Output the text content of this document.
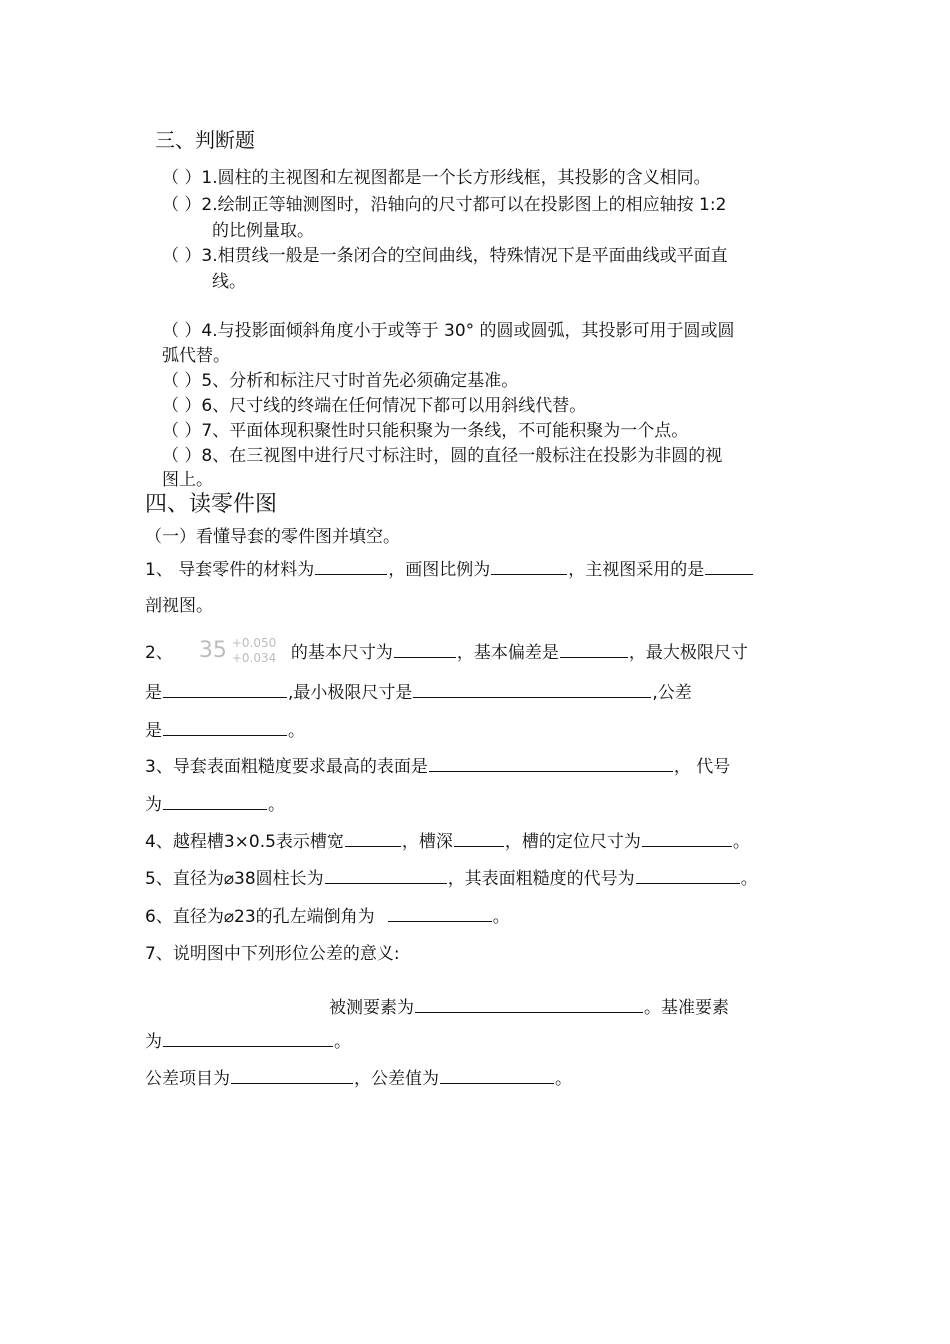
三、判断题
（ ）1.圆柱的主视图和左视图都是一个长方形线框，其投影的含义相同。
（ ）2.绘制正等轴测图时，沿轴向的尺寸都可以在投影图上的相应轴按 1:2
的比例量取。
（ ）3.相贯线一般是一条闭合的空间曲线，特殊情况下是平面曲线或平面直
线。
（ ）4.与投影面倾斜角度小于或等于 30° 的圆或圆弧，其投影可用于圆或圆
弧代替。
（ ）5、分析和标注尺寸时首先必须确定基准。
（ ）6、尺寸线的终端在任何情况下都可以用斜线代替。
（ ）7、平面体现积聚性时只能积聚为一条线，不可能积聚为一个点。
（ ）8、在三视图中进行尺寸标注时，圆的直径一般标注在投影为非圆的视
图上。
四、读零件图
（一）看懂导套的零件图并填空。
1、 导套零件的材料为	，画图比例为	，主视图采用的是
剖视图。
2、 35 +0.050
+0.034 的基本尺寸为	，基本偏差是	，最大极限尺寸
是	,最小极限尺寸是	,公差
是	。
3、导套表面粗糙度要求最高的表面是	， 代号
为	。
4、越程槽3×0.5表示槽宽	，槽深	，槽的定位尺寸为	。
5、直径为⌀38圆柱长为	，其表面粗糙度的代号为	。
6、直径为⌀23的孔左端倒角为	。
7、说明图中下列形位公差的意义:
被测要素为	。基准要素
为	。
公差项目为	，公差值为	。
